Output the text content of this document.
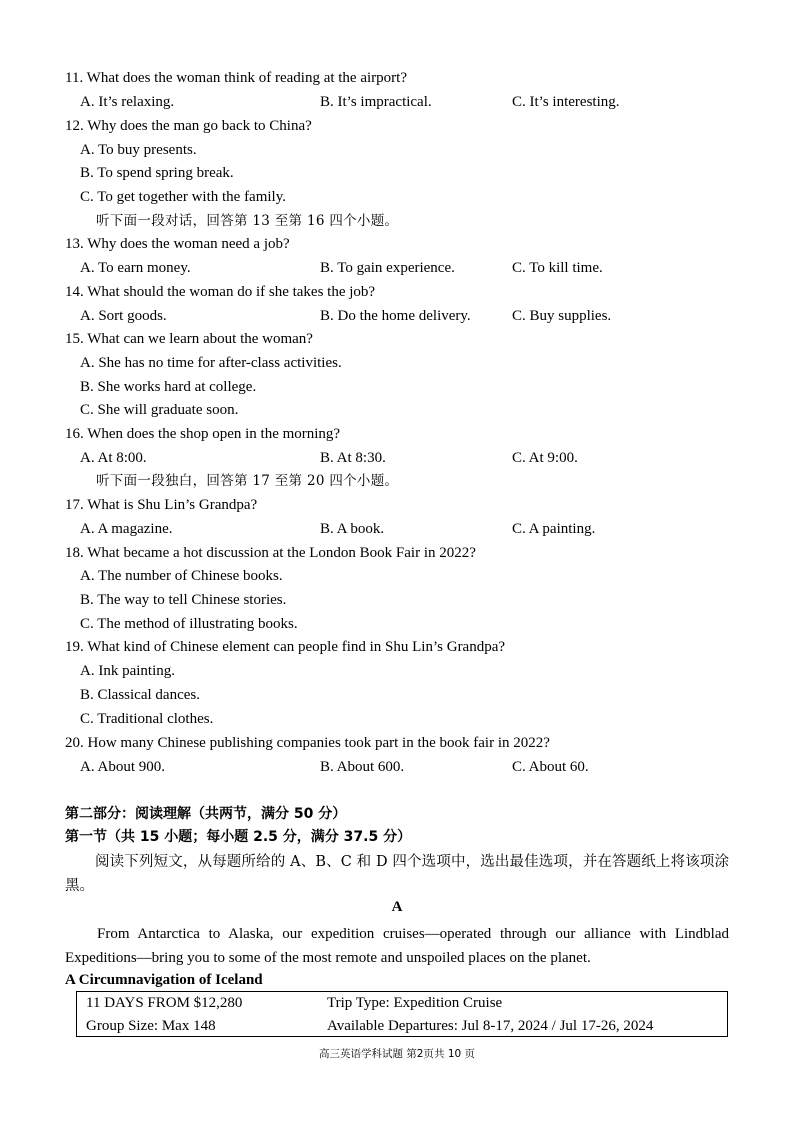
11. What does the woman think of reading at the airport?
A. It’s relaxing.	B. It’s impractical.	C. It’s interesting.
12. Why does the man go back to China?
A. To buy presents.
B. To spend spring break.
C. To get together with the family.
听下面一段对话，回答第 13 至第 16 四个小题。
13. Why does the woman need a job?
A. To earn money.	B. To gain experience.	C. To kill time.
14. What should the woman do if she takes the job?
A. Sort goods.	B. Do the home delivery.	C. Buy supplies.
15. What can we learn about the woman?
A. She has no time for after-class activities.
B. She works hard at college.
C. She will graduate soon.
16. When does the shop open in the morning?
A. At 8:00.	B. At 8:30.	C. At 9:00.
听下面一段独白，回答第 17 至第 20 四个小题。
17. What is Shu Lin’s Grandpa?
A. A magazine.	B. A book.	C. A painting.
18. What became a hot discussion at the London Book Fair in 2022?
A. The number of Chinese books.
B. The way to tell Chinese stories.
C. The method of illustrating books.
19. What kind of Chinese element can people find in Shu Lin’s Grandpa?
A. Ink painting.
B. Classical dances.
C. Traditional clothes.
20. How many Chinese publishing companies took part in the book fair in 2022?
A. About 900.	B. About 600.	C. About 60.
第二部分：阅读理解（共两节，满分 50 分）
第一节（共 15 小题；每小题 2.5 分，满分 37.5 分）
阅读下列短文，从每题所给的 A、B、C 和 D 四个选项中，选出最佳选项，并在答题纸上将该项涂黑。
A
From Antarctica to Alaska, our expedition cruises—operated through our alliance with Lindblad Expeditions—bring you to some of the most remote and unspoiled places on the planet.
A Circumnavigation of Iceland
11 DAYS FROM $12,280	Trip Type: Expedition Cruise
Group Size: Max 148	Available Departures: Jul 8-17, 2024 / Jul 17-26, 2024
高三英语学科试题 第2页共 10 页
